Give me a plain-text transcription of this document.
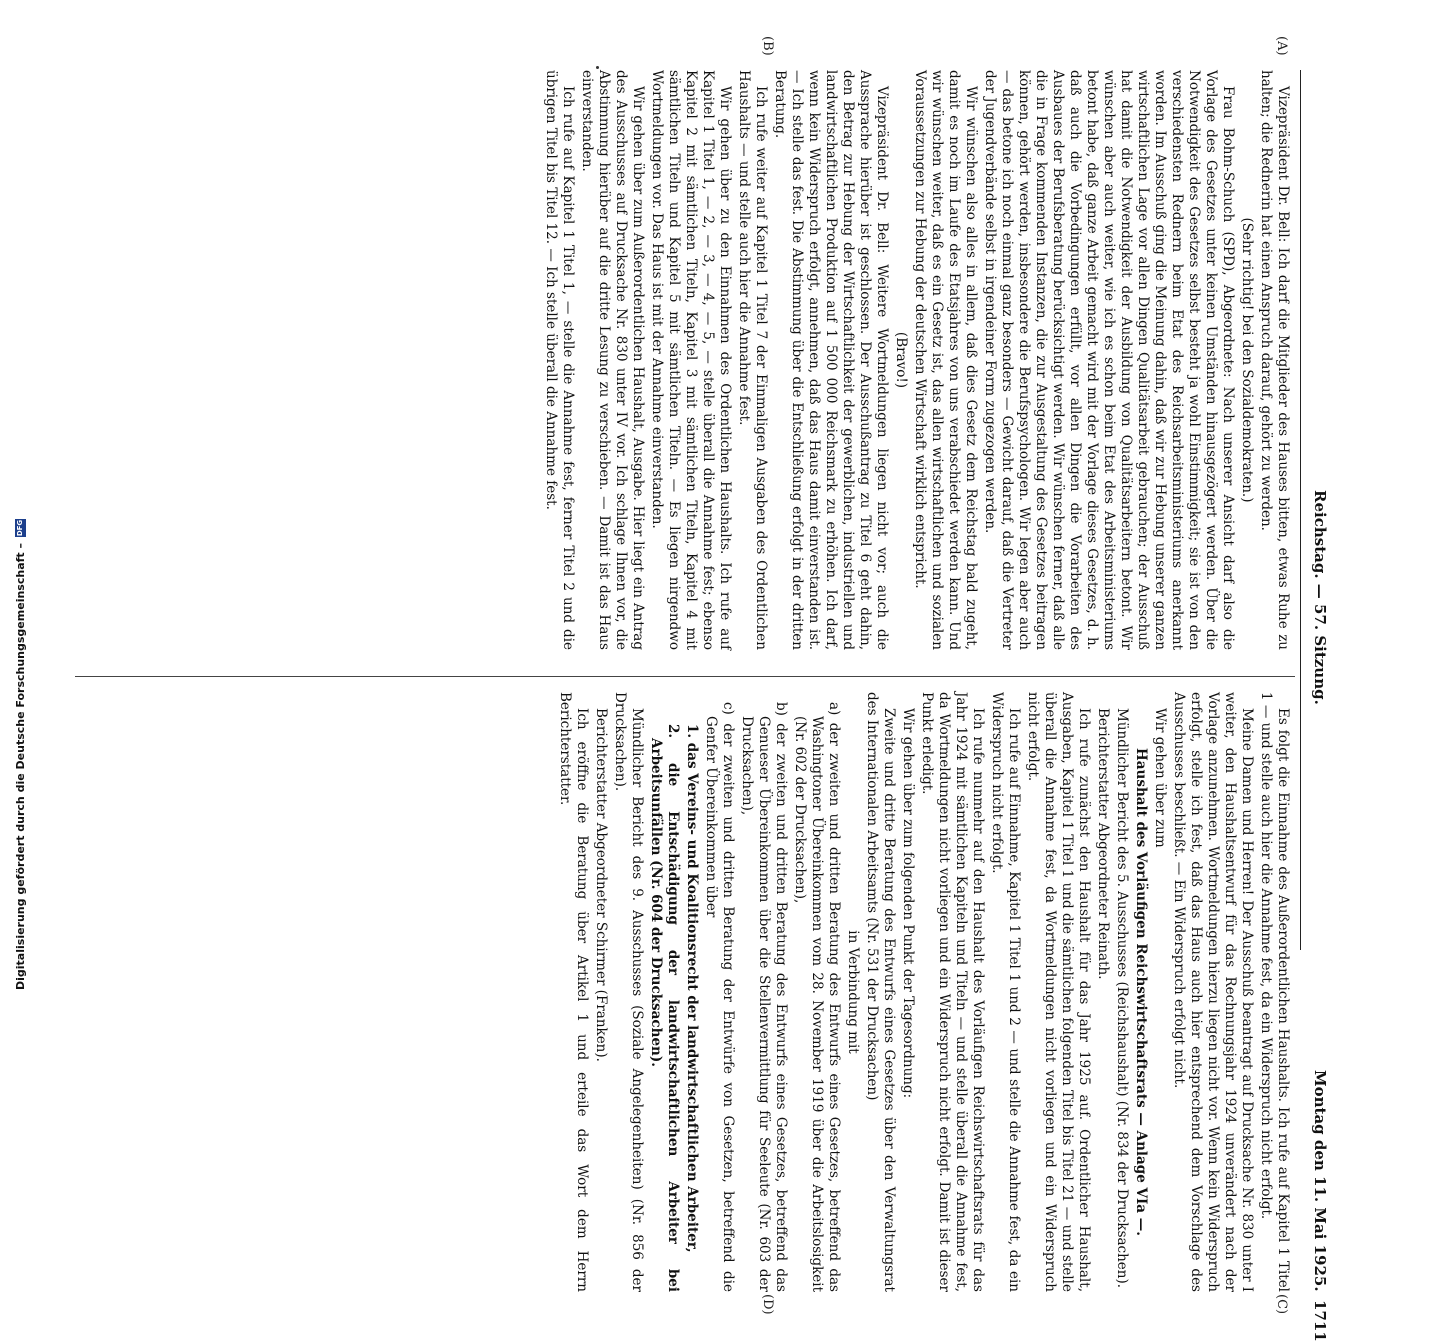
Digitalisierung gefördert durch die Deutsche Forschungsgemeinschaft –
DFG	Reichstag. — 57. Sitzung.
Montag den 11. Mai 1925.
1711
(A)
(B)
(C)
(D)

Vizepräsident Dr. Bell: Ich darf die Mitglieder des Hauses bitten, etwas Ruhe zu halten; die Rednerin hat einen Anspruch darauf, gehört zu werden.

(Sehr richtig! bei den Sozialdemokraten.)

Frau Bohm-Schuch (SPD), Abgeordnete: Nach unserer Ansicht darf also die Vorlage des Gesetzes unter keinen Umständen hinausgezögert werden. Über die Notwendigkeit des Gesetzes selbst besteht ja wohl Einstimmigkeit; sie ist von den verschiedensten Rednern beim Etat des Reichsarbeitsministeriums anerkannt worden. Im Ausschuß ging die Meinung dahin, daß wir zur Hebung unserer ganzen wirtschaftlichen Lage vor allen Dingen Qualitätsarbeit gebrauchen; der Ausschuß hat damit die Notwendigkeit der Ausbildung von Qualitätsarbeitern betont. Wir wünschen aber auch weiter, wie ich es schon beim Etat des Arbeitsministeriums betont habe, daß ganze Arbeit gemacht wird mit der Vorlage dieses Gesetzes, d. h. daß auch die Vorbedingungen erfüllt, vor allen Dingen die Vorarbeiten des Ausbaues der Berufsberatung berücksichtigt werden. Wir wünschen ferner, daß alle die in Frage kommenden Instanzen, die zur Ausgestaltung des Gesetzes beitragen können, gehört werden, insbesondere die Berufspsychologen. Wir legen aber auch — das betone ich noch einmal ganz besonders — Gewicht darauf, daß die Vertreter der Jugendverbände selbst in irgendeiner Form zugezogen werden.

Wir wünschen also alles in allem, daß dies Gesetz dem Reichstag bald zugeht, damit es noch im Laufe des Etatsjahres von uns verabschiedet werden kann. Und wir wünschen weiter, daß es ein Gesetz ist, das allen wirtschaftlichen und sozialen Voraussetzungen zur Hebung der deutschen Wirtschaft wirklich entspricht.

(Bravo!)

Vizepräsident Dr. Bell: Weitere Wortmeldungen liegen nicht vor; auch die Aussprache hierüber ist geschlossen. Der Ausschußantrag zu Titel 6 geht dahin, den Betrag zur Hebung der Wirtschaftlichkeit der gewerblichen, industriellen und landwirtschaftlichen Produktion auf 1 500 000 Reichsmark zu erhöhen. Ich darf, wenn kein Widerspruch erfolgt, annehmen, daß das Haus damit einverstanden ist. — Ich stelle das fest. Die Abstimmung über die Entschließung erfolgt in der dritten Beratung.

Ich rufe weiter auf Kapitel 1 Titel 7 der Einmaligen Ausgaben des Ordentlichen Haushalts — und stelle auch hier die Annahme fest.

Wir gehen über zu den Einnahmen des Ordentlichen Haushalts. Ich rufe auf Kapitel 1 Titel 1, — 2, — 3, — 4, — 5, — stelle überall die Annahme fest; ebenso Kapitel 2 mit sämtlichen Titeln, Kapitel 3 mit sämtlichen Titeln, Kapitel 4 mit sämtlichen Titeln und Kapitel 5 mit sämtlichen Titeln. — Es liegen nirgendwo Wortmeldungen vor. Das Haus ist mit der Annahme einverstanden.

Wir gehen über zum Außerordentlichen Haushalt, Ausgabe. Hier liegt ein Antrag des Ausschusses auf Drucksache Nr. 830 unter IV vor. Ich schlage Ihnen vor, die Abstimmung hierüber auf die dritte Lesung zu verschieben. — Damit ist das Haus einverstanden.

Ich rufe auf Kapitel 1 Titel 1, — stelle die Annahme fest, ferner Titel 2 und die übrigen Titel bis Titel 12. — Ich stelle überall die Annahme fest.

Es folgt die Einnahme des Außerordentlichen Haushalts. Ich rufe auf Kapitel 1 Titel 1 — und stelle auch hier die Annahme fest, da ein Widerspruch nicht erfolgt.

Meine Damen und Herren! Der Ausschuß beantragt auf Drucksache Nr. 830 unter I weiter, den Haushaltsentwurf für das Rechnungsjahr 1924 unverändert nach der Vorlage anzunehmen. Wortmeldungen hierzu liegen nicht vor. Wenn kein Widerspruch erfolgt, stelle ich fest, daß das Haus auch hier entsprechend dem Vorschlage des Ausschusses beschließt. — Ein Widerspruch erfolgt nicht.

Wir gehen über zum

Haushalt des Vorläufigen Reichswirtschaftsrats — Anlage VIa —.

Mündlicher Bericht des 5. Ausschusses (Reichshaushalt) (Nr. 834 der Drucksachen).

Berichterstatter Abgeordneter Reinath.

Ich rufe zunächst den Haushalt für das Jahr 1925 auf. Ordentlicher Haushalt, Ausgaben, Kapitel 1 Titel 1 und die sämtlichen folgenden Titel bis Titel 21 — und stelle überall die Annahme fest, da Wortmeldungen nicht vorliegen und ein Widerspruch nicht erfolgt.

Ich rufe auf Einnahme, Kapitel 1 Titel 1 und 2 — und stelle die Annahme fest, da ein Widerspruch nicht erfolgt.

Ich rufe nunmehr auf den Haushalt des Vorläufigen Reichswirtschaftsrats für das Jahr 1924 mit sämtlichen Kapiteln und Titeln — und stelle überall die Annahme fest, da Wortmeldungen nicht vorliegen und ein Widerspruch nicht erfolgt. Damit ist dieser Punkt erledigt.

Wir gehen über zum folgenden Punkt der Tagesordnung:

Zweite und dritte Beratung des Entwurfs eines Gesetzes über den Verwaltungsrat des Internationalen Arbeitsamts (Nr. 531 der Drucksachen)

in Verbindung mit

a) der zweiten und dritten Beratung des Entwurfs eines Gesetzes, betreffend das Washingtoner Übereinkommen vom 28. November 1919 über die Arbeitslosigkeit (Nr. 602 der Drucksachen),

b) der zweiten und dritten Beratung des Entwurfs eines Gesetzes, betreffend das Genueser Übereinkommen über die Stellenvermittlung für Seeleute (Nr. 603 der Drucksachen),

c) der zweiten und dritten Beratung der Entwürfe von Gesetzen, betreffend die Genfer Übereinkommen über

1. das Vereins- und Koalitionsrecht der landwirtschaftlichen Arbeiter,

2. die Entschädigung der landwirtschaftlichen Arbeiter bei Arbeitsunfällen (Nr. 604 der Drucksachen).

Mündlicher Bericht des 9. Ausschusses (Soziale Angelegenheiten) (Nr. 856 der Drucksachen).

Berichterstatter Abgeordneter Schirmer (Franken).

Ich eröffne die Beratung über Artikel 1 und erteile das Wort dem Herrn Berichterstatter.
